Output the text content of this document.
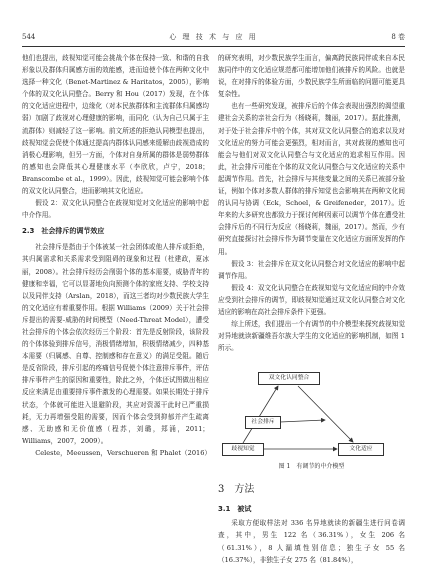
544	心 理 技 术 与 应 用	8 卷

他们也提出，歧视知觉可能会挑战个体在保持一致、和谐的自我形象以及群体归属感方面的效能感，进而迫使个体在两种文化中选择一种文化（Benet-Martinez & Haritatos，2005），影响个体的双文化认同整合。Berry 和 Hou（2017）发现，在个体的文化适应进程中，边缘化（对本民族群体和主流群体归属感均弱）加剧了歧视对心理健康的影响，而同化（认为自己只属于主流群体）则减轻了这一影响。前文所述的拒绝认同模型也提出，歧视知觉会促使个体通过提高内群体认同感来缓解由歧视造成的消极心理影响，但另一方面，个体对自身所属的群体是弱势群体的感知也会降低其心理健康水平（李欣欣，卢宁，2018；Branscombe et al.，1999）。因此，歧视知觉可能会影响个体的双文化认同整合，进而影响其文化适应。

假设 2：双文化认同整合在歧视知觉对文化适应的影响中起中介作用。

2.3　社会排斥的调节效应

社会排斥是指由于个体被某一社会团体或他人排斥或拒绝，其归属需求和关系需求受到阻碍的现象和过程（杜建政，夏冰丽，2008）。社会排斥经历会削弱个体的基本需要，威胁青年的健康和幸福，它可以显著地负向预测个体的家庭支持、学校支持以及同伴支持（Arslan，2018），而这三者均对少数民族大学生的文化适应有着重要作用。根据 Williams（2009）关于社会排斥提出的需要-威胁的时间模型（Need-Threat Model），遭受社会排斥的个体会依次经历三个阶段：首先是反射阶段，该阶段的个体体验到排斥信号，消极情绪增加，积极情绪减少，四种基本需要（归属感、自尊、控制感和存在意义）的满足受阻。随后是反省阶段，排斥引起的疼痛信号促使个体注意排斥事件，评估排斥事件产生的原因和重要性，除此之外，个体还试图做出相应反应来满足由重要排斥事件激发的心理需要。如果长期处于排斥状态，个体就可能进入退避阶段，其应对资源干此时已严重损耗，无力再增强受阻的需要，因而个体会受到抑郁并产生疏离感、无助感和无价值感（程苏，刘璐，郑涌，2011；Williams，2007，2009）。

Celeste，Meeussen，Verschueren 和 Phalet（2016）

的研究表明，对少数民族学生而言，偏离跨民族同伴或来自本民族同伴中的文化适应规范都可能增加他们被排斥的风险。也就是说，在对排斥的体验方面，少数民族学生所面临的问题可能更具复杂性。

也有一些研究发现，被排斥后的个体会表现出强烈的渴望重建社会关系的亲社会行为（杨晓莉，魏丽，2017）。据此推测，对于处于社会排斥中的个体，其对双文化认同整合的追求以及对文化适应的努力可能会更强烈，相对而言，其对歧视的感知也可能会与他们对双文化认同整合与文化适应的追求相互作用。因此，社会排斥可能在个体的双文化认同整合与文化适应的关系中起调节作用。首先，社会排斥与其他变量之间的关系已被部分验证，例如个体对多数人群体的排斥知觉也会影响其在两种文化间的认同与协调（Eck，Schoel，& Greifeneder，2017）。近年来的大多研究也都致力于探讨何种因素可以调节个体在遭受社会排斥后的不同行为反应（杨晓莉，魏丽，2017）。然而，少有研究直接探讨社会排斥作为调节变量在文化适应方面所发挥的作用。

假设 3：社会排斥在双文化认同整合对文化适应的影响中起调节作用。

假设 4：双文化认同整合在歧视知觉与文化适应间的中介效应受到社会排斥的调节，即歧视知觉通过双文化认同整合对文化适应的影响在高社会排斥条件下更强。

综上所述，我们提出一个有调节的中介模型来探究歧视知觉对异地就读新疆维吾尔族大学生的文化适应的影响机制，如图 1 所示。

双文化认同整合
社会排斥
歧视知觉	文化适应
图 1　有调节的中介模型
3　方法
3.1　被试

采取方便取样法对 336 名异地就读的新疆生进行问卷调查，其中，男生 122 名（36.31%），女生 206 名（61.31%），8 人漏填性别信息；独生子女 55 名（16.37%），非独生子女 275 名（81.84%），
